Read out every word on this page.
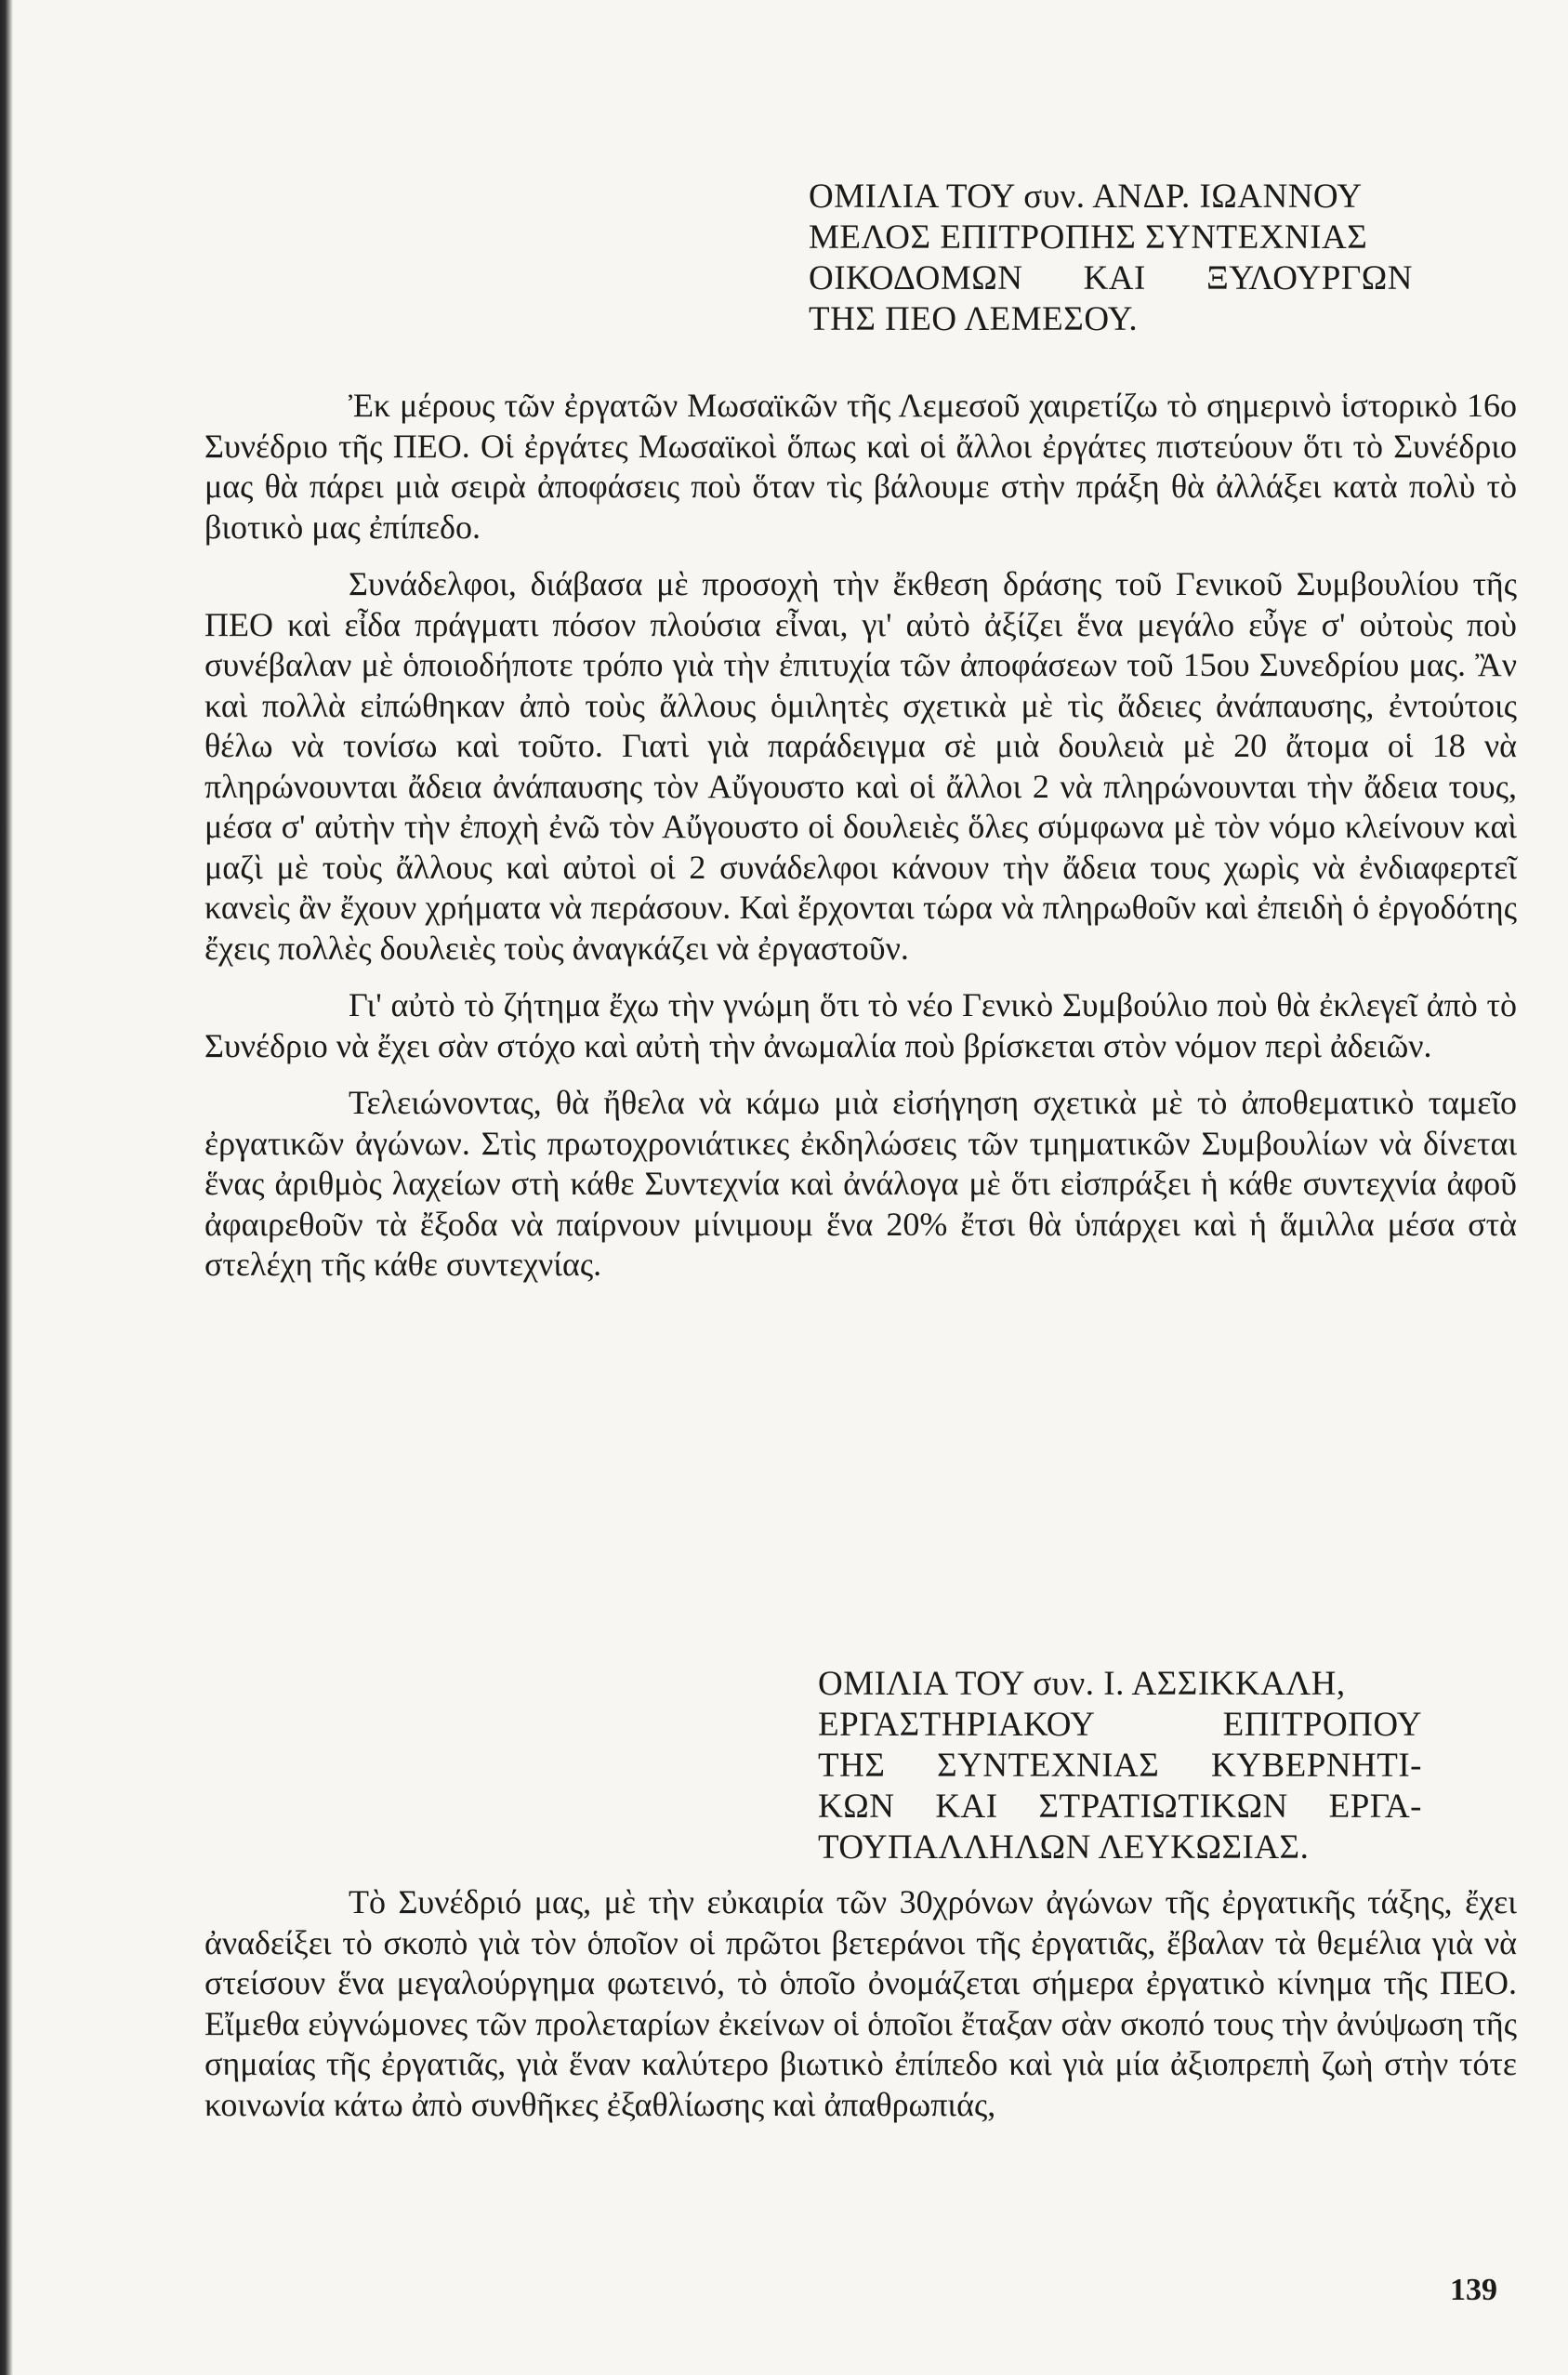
ΟΜΙΛΙΑ ΤΟΥ συν. ΑΝΔΡ. ΙΩΑΝΝΟΥ
ΜΕΛΟΣ ΕΠΙΤΡΟΠΗΣ ΣΥΝΤΕΧΝΙΑΣ
ΟΙΚΟΔΟΜΩΝ ΚΑΙ ΞΥΛΟΥΡΓΩΝ
ΤΗΣ ΠΕΟ ΛΕΜΕΣΟΥ.

Ἐκ μέρους τῶν ἐργατῶν Μωσαϊκῶν τῆς Λεμεσοῦ χαιρετίζω τὸ σημερινὸ ἱστορικὸ 16ο Συνέδριο τῆς ΠΕΟ. Οἱ ἐργάτες Μωσαϊκοὶ ὅπως καὶ οἱ ἄλλοι ἐργάτες πιστεύουν ὅτι τὸ Συνέδριο μας θὰ πάρει μιὰ σειρὰ ἀποφάσεις ποὺ ὅταν τὶς βάλουμε στὴν πράξη θὰ ἀλλάξει κατὰ πολὺ τὸ βιοτικὸ μας ἐπίπεδο.

Συνάδελφοι, διάβασα μὲ προσοχὴ τὴν ἔκθεση δράσης τοῦ Γενικοῦ Συμβουλίου τῆς ΠΕΟ καὶ εἶδα πράγματι πόσον πλούσια εἶναι, γι' αὐτὸ ἀξίζει ἕνα μεγάλο εὖγε σ' οὐτοὺς ποὺ συνέβαλαν μὲ ὁποιοδήποτε τρόπο γιὰ τὴν ἐπιτυχία τῶν ἀποφάσεων τοῦ 15ου Συνεδρίου μας. Ἂν καὶ πολλὰ εἰπώθηκαν ἀπὸ τοὺς ἄλλους ὁμιλητὲς σχετικὰ μὲ τὶς ἄδειες ἀνάπαυσης, ἐντούτοις θέλω νὰ τονίσω καὶ τοῦτο. Γιατὶ γιὰ παράδειγμα σὲ μιὰ δουλειὰ μὲ 20 ἄτομα οἱ 18 νὰ πληρώνουνται ἄδεια ἀνάπαυσης τὸν Αὔγουστο καὶ οἱ ἄλλοι 2 νὰ πληρώνουνται τὴν ἄδεια τους, μέσα σ' αὐτὴν τὴν ἐποχὴ ἐνῶ τὸν Αὔγουστο οἱ δουλειὲς ὅλες σύμφωνα μὲ τὸν νόμο κλείνουν καὶ μαζὶ μὲ τοὺς ἄλλους καὶ αὐτοὶ οἱ 2 συνάδελφοι κάνουν τὴν ἄδεια τους χωρὶς νὰ ἐνδιαφερτεῖ κανεὶς ἂν ἔχουν χρήματα νὰ περάσουν. Καὶ ἔρχονται τώρα νὰ πληρωθοῦν καὶ ἐπειδὴ ὁ ἐργοδότης ἔχεις πολλὲς δουλειὲς τοὺς ἀναγκάζει νὰ ἐργαστοῦν.

Γι' αὐτὸ τὸ ζήτημα ἔχω τὴν γνώμη ὅτι τὸ νέο Γενικὸ Συμβούλιο ποὺ θὰ ἐκλεγεῖ ἀπὸ τὸ Συνέδριο νὰ ἔχει σὰν στόχο καὶ αὐτὴ τὴν ἀνωμαλία ποὺ βρίσκεται στὸν νόμον περὶ ἀδειῶν.

Τελειώνοντας, θὰ ἤθελα νὰ κάμω μιὰ εἰσήγηση σχετικὰ μὲ τὸ ἀποθεματικὸ ταμεῖο ἐργατικῶν ἀγώνων. Στὶς πρωτοχρονιάτικες ἐκδηλώσεις τῶν τμηματικῶν Συμβουλίων νὰ δίνεται ἕνας ἀριθμὸς λαχείων στὴ κάθε Συντεχνία καὶ ἀνάλογα μὲ ὅτι εἰσπράξει ἡ κάθε συντεχνία ἀφοῦ ἀφαιρεθοῦν τὰ ἔξοδα νὰ παίρνουν μίνιμουμ ἕνα 20% ἔτσι θὰ ὑπάρχει καὶ ἡ ἅμιλλα μέσα στὰ στελέχη τῆς κάθε συντεχνίας.

ΟΜΙΛΙΑ ΤΟΥ συν. Ι. ΑΣΣΙΚΚΑΛΗ,
ΕΡΓΑΣΤΗΡΙΑΚΟΥ ΕΠΙΤΡΟΠΟΥ
ΤΗΣ ΣΥΝΤΕΧΝΙΑΣ ΚΥΒΕΡΝΗΤΙ-
ΚΩΝ ΚΑΙ ΣΤΡΑΤΙΩΤΙΚΩΝ ΕΡΓΑ-
ΤΟΥΠΑΛΛΗΛΩΝ ΛΕΥΚΩΣΙΑΣ.

Τὸ Συνέδριό μας, μὲ τὴν εὐκαιρία τῶν 30χρόνων ἀγώνων τῆς ἐργατικῆς τάξης, ἔχει ἀναδείξει τὸ σκοπὸ γιὰ τὸν ὁποῖον οἱ πρῶτοι βετεράνοι τῆς ἐργατιᾶς, ἔβαλαν τὰ θεμέλια γιὰ νὰ στείσουν ἕνα μεγαλούργημα φωτεινό, τὸ ὁποῖο ὀνομάζεται σήμερα ἐργατικὸ κίνημα τῆς ΠΕΟ. Εἴμεθα εὐγνώμονες τῶν προλεταρίων ἐκείνων οἱ ὁποῖοι ἔταξαν σὰν σκοπό τους τὴν ἀνύψωση τῆς σημαίας τῆς ἐργατιᾶς, γιὰ ἕναν καλύτερο βιωτικὸ ἐπίπεδο καὶ γιὰ μία ἀξιοπρεπὴ ζωὴ στὴν τότε κοινωνία κάτω ἀπὸ συνθῆκες ἐξαθλίωσης καὶ ἀπαθρωπιάς,

139
